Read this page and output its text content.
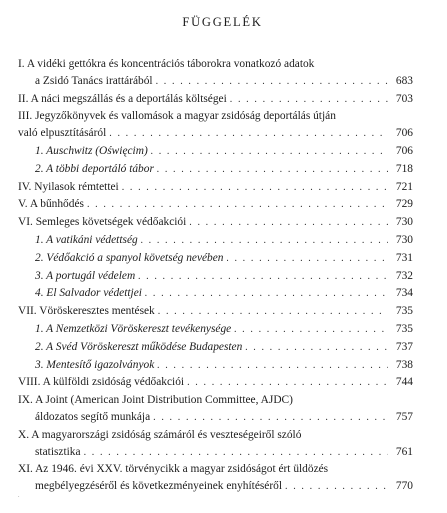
FÜGGELÉK
I. A vidéki gettókra és koncentrációs táborokra vonatkozó adatok
a Zsidó Tanács irattárából . . .	683
II. A náci megszállás és a deportálás költségei . . .	703
III. Jegyzőkönyvek és vallomások a magyar zsidóság deportálás útján
való elpusztításáról . . .	706
1. Auschwitz (Oświęcim) . . .	706
2. A többi deportáló tábor . . .	718
IV. Nyilasok rémtettei . . .	721
V. A bűnhődés . . .	729
VI. Semleges követségek védőakciói . . .	730
1. A vatikáni védettség . . .	730
2. Védőakció a spanyol követség nevében . . .	731
3. A portugál védelem . . .	732
4. El Salvador védettjei . . .	734
VII. Vöröskeresztes mentések . . .	735
1. A Nemzetközi Vöröskereszt tevékenysége . . .	735
2. A Svéd Vöröskereszt működése Budapesten . . .	737
3. Mentesítő igazolványok . . .	738
VIII. A külföldi zsidóság védőakciói . . .	744
IX. A Joint (American Joint Distribution Committee, AJDC)
áldozatos segítő munkája . . .	757
X. A magyarországi zsidóság számáról és veszteségeiről szóló
statisztika . . .	761
XI. Az 1946. évi XXV. törvénycikk a magyar zsidóságot ért üldözés
megbélyegzéséről és következményeinek enyhítéséről . . .	770
.
